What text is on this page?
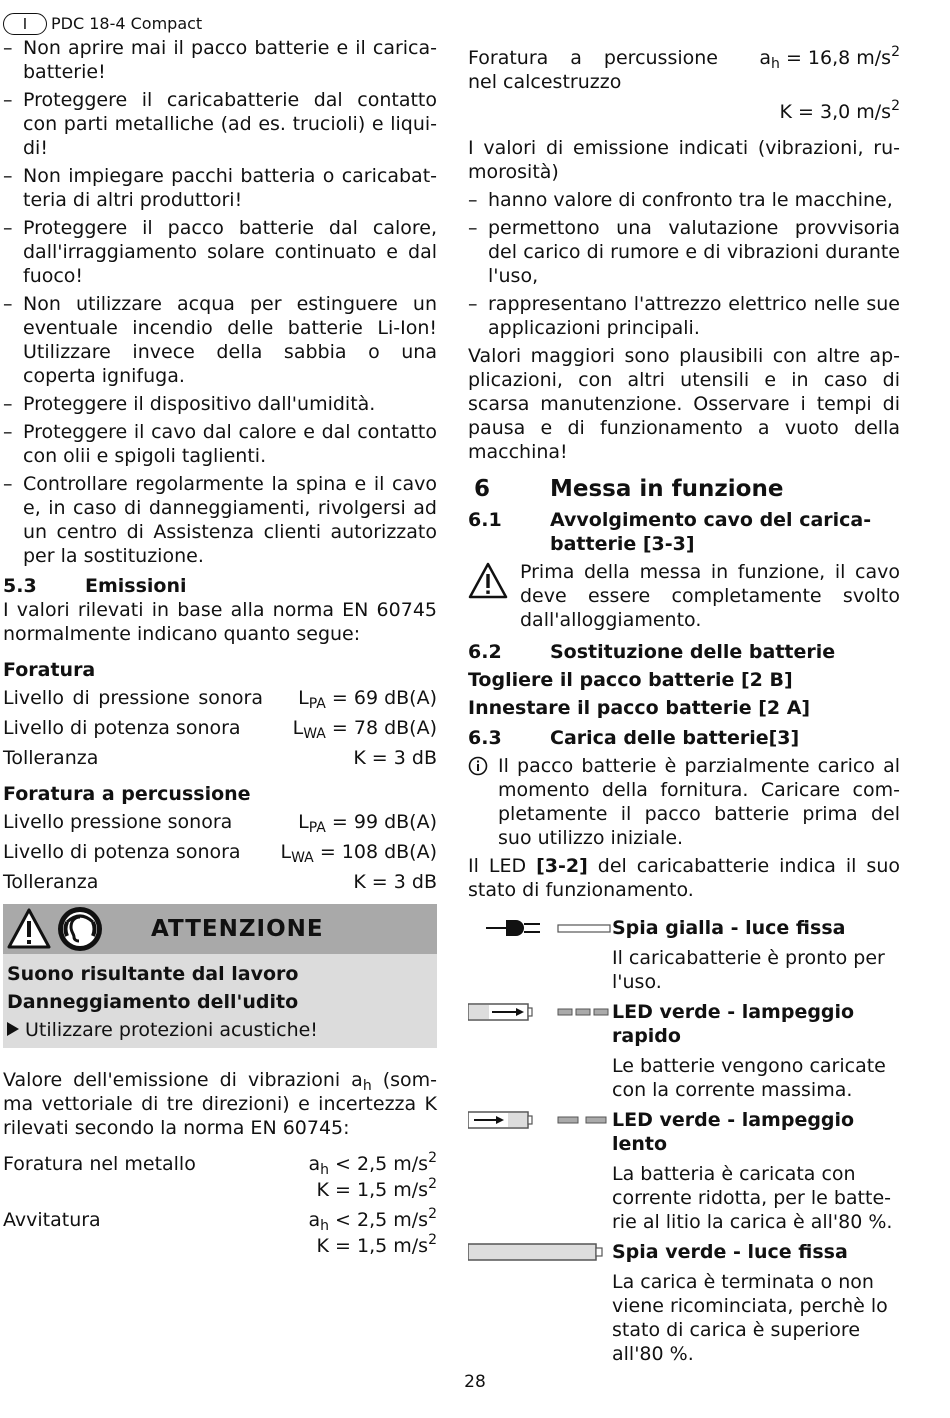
I	PDC 18-4 Compact
– Non aprire mai il pacco batterie e il carica-batterie!
– Proteggere il caricabatterie dal contatto con parti metalliche (ad es. trucioli) e liqui-di!
– Non impiegare pacchi batteria o caricabat-teria di altri produttori!
– Proteggere il pacco batterie dal calore, dall'irraggiamento solare continuato e dal fuoco!
– Non utilizzare acqua per estinguere un eventuale incendio delle batterie Li-Ion! Utilizzare invece della sabbia o una coperta ignifuga.
– Proteggere il dispositivo dall'umidità.
– Proteggere il cavo dal calore e dal contatto con olii e spigoli taglienti.
– Controllare regolarmente la spina e il cavo e, in caso di danneggiamenti, rivolgersi ad un centro di Assistenza clienti autorizzato per la sostituzione.
5.3	Emissioni

I valori rilevati in base alla norma EN 60745 normalmente indicano quanto segue:

Foratura
Livello di pressione sonora $L_{PA} = 69$ dB(A)
Livello di potenza sonora	$L_{WA} = 78$ dB(A)
Tolleranza	K = 3 dB
Foratura a percussione
Livello pressione sonora	$L_{PA} = 99$ dB(A)
Livello di potenza sonora	$L_{WA} = 108$ dB(A)
Tolleranza	K = 3 dB
ATTENZIONE
Suono risultante dal lavoro
Danneggiamento dell'udito
Utilizzare protezioni acustiche!

Valore dell'emissione di vibrazioni $a_h$ (som-ma vettoriale di tre direzioni) e incertezza K rilevati secondo la norma EN 60745:

Foratura nel metallo	$a_h < 2,5$ $m/s^2$
K = 1,5 $m/s^2$
Avvitatura	$a_h < 2,5$ $m/s^2$
K = 1,5 $m/s^2$
Foratura a percussione nel calcestruzzo
$a_h = 16,8$ $m/s^2$
K = 3,0 $m/s^2$

I valori di emissione indicati (vibrazioni, ru-morosità)

– hanno valore di confronto tra le macchine,
– permettono una valutazione provvisoria del carico di rumore e di vibrazioni durante l'uso,
– rappresentano l'attrezzo elettrico nelle sue applicazioni principali.

Valori maggiori sono plausibili con altre ap-plicazioni, con altri utensili e in caso di scarsa manutenzione. Osservare i tempi di pausa e di funzionamento a vuoto della macchina!

6	Messa in funzione
6.1	Avvolgimento cavo del carica-batterie [3-3]
Prima della messa in funzione, il cavo deve essere completamente svolto dall'alloggiamento.
6.2	Sostituzione delle batterie
Togliere il pacco batterie [2 B]
Innestare il pacco batterie [2 A]
6.3	Carica delle batterie[3]
Il pacco batterie è parzialmente carico al momento della fornitura. Caricare com-pletamente il pacco batterie prima del suo utilizzo iniziale.

Il LED [3-2] del caricabatterie indica il suo stato di funzionamento.

Spia gialla - luce fissa
Il caricabatterie è pronto per l'uso.
LED verde - lampeggio rapido
Le batterie vengono caricate con la corrente massima.
LED verde - lampeggio lento
La batteria è caricata con corrente ridotta, per le batte-rie al litio la carica è all'80 %.
Spia verde - luce fissa
La carica è terminata o non viene ricominciata, perchè lo stato di carica è superiore all'80 %.
28
